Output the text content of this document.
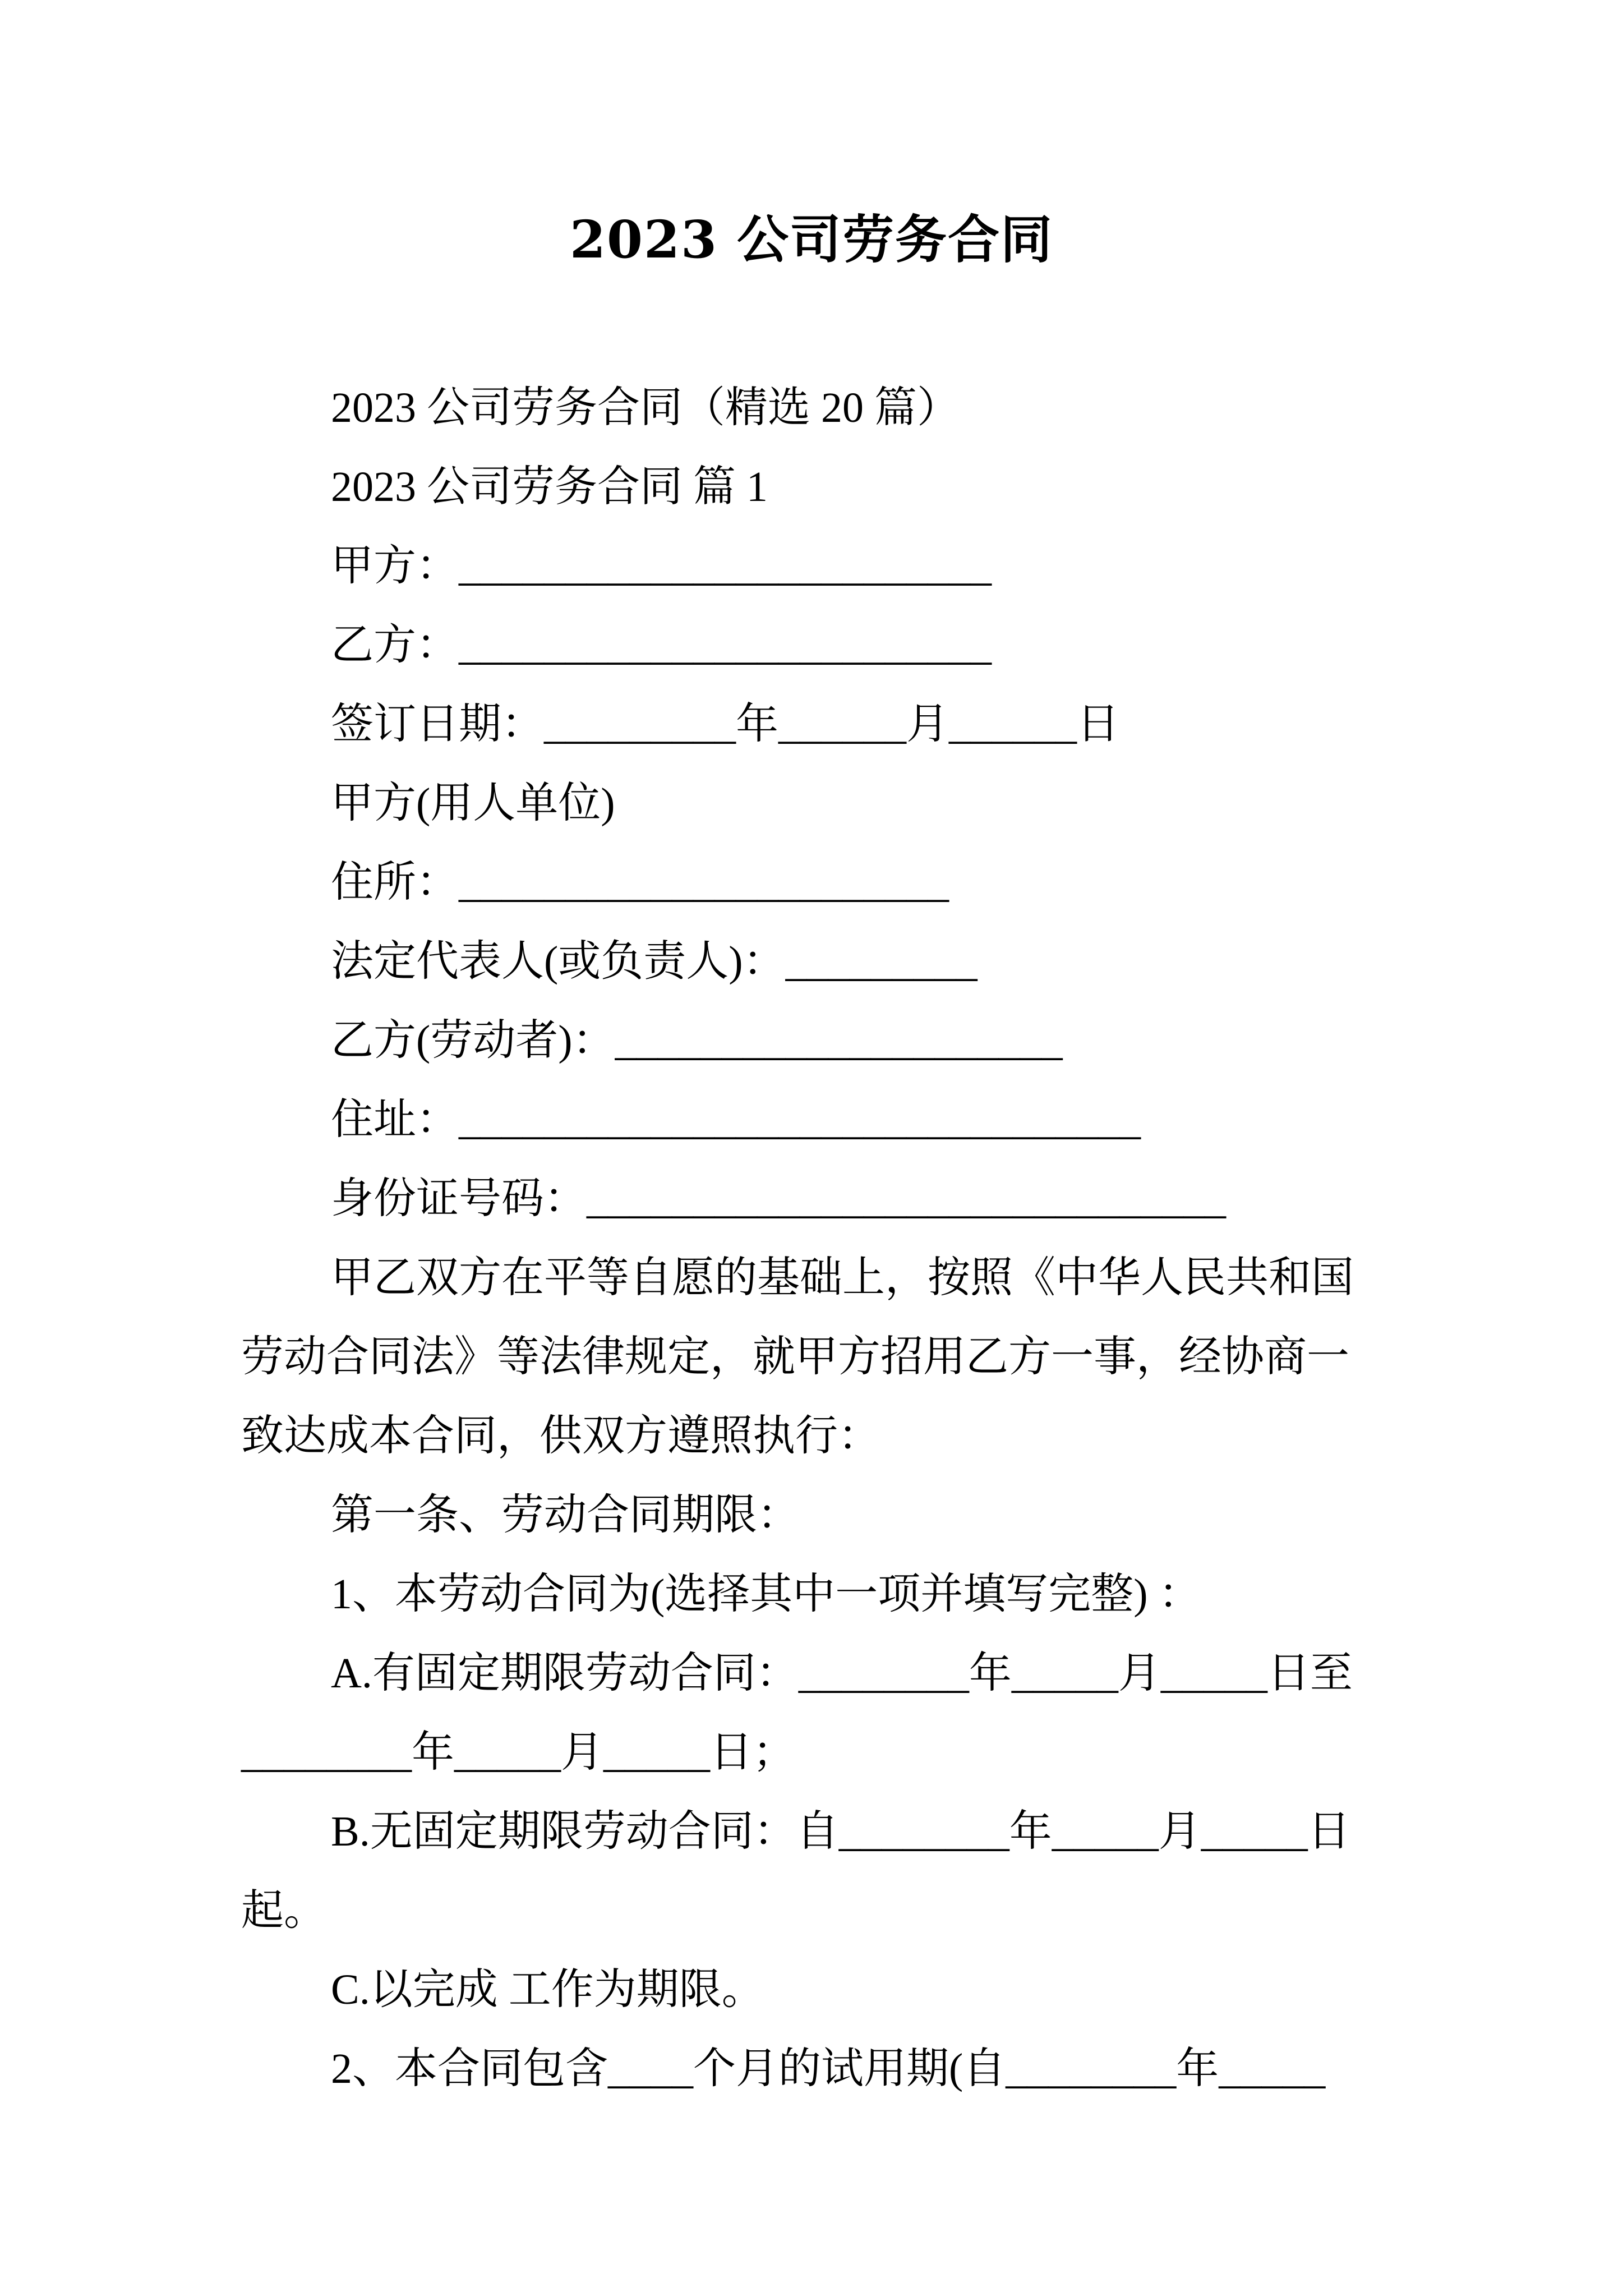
2023 公司劳务合同
2023 公司劳务合同（精选 20 篇）
2023 公司劳务合同 篇 1
甲方：_________________________
乙方：_________________________
签订日期：_________年______月______日
甲方(用人单位)
住所：_______________________
法定代表人(或负责人)：_________
乙方(劳动者)：_____________________
住址：________________________________
身份证号码：______________________________
甲乙双方在平等自愿的基础上，按照《中华人民共和国
劳动合同法》等法律规定，就甲方招用乙方一事，经协商一
致达成本合同，供双方遵照执行：
第一条、劳动合同期限：
1、本劳动合同为(选择其中一项并填写完整) ：
A.有固定期限劳动合同：________年_____月_____日至
________年_____月_____日；
B.无固定期限劳动合同：自________年_____月_____日
起。
C.以完成 工作为期限。
2、本合同包含____个月的试用期(自________年_____
